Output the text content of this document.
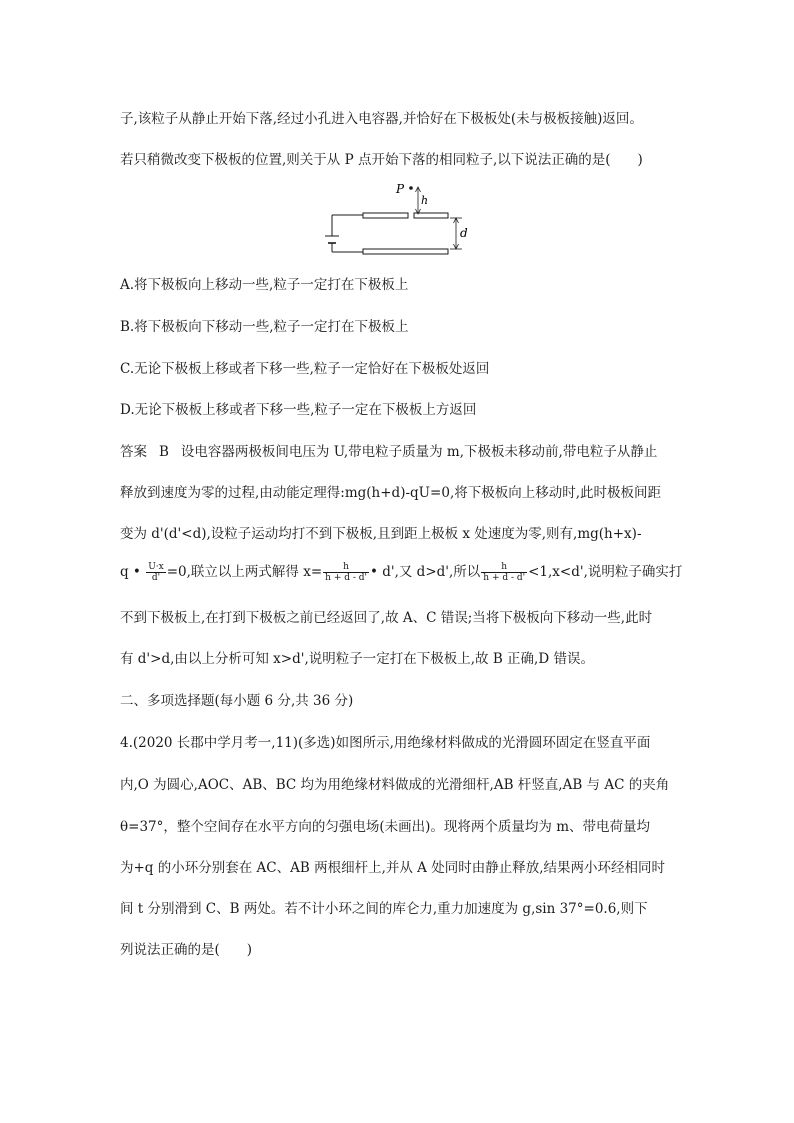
子,该粒子从静止开始下落,经过小孔进入电容器,并恰好在下极板处(未与极板接触)返回。
若只稍微改变下极板的位置,则关于从 P 点开始下落的相同粒子,以下说法正确的是(　　)
P
h
d
A.将下极板向上移动一些,粒子一定打在下极板上
B.将下极板向下移动一些,粒子一定打在下极板上
C.无论下极板上移或者下移一些,粒子一定恰好在下极板处返回
D.无论下极板上移或者下移一些,粒子一定在下极板上方返回
答案 B 设电容器两极板间电压为 U,带电粒子质量为 m,下极板未移动前,带电粒子从静止
释放到速度为零的过程,由动能定理得:mg(h+d)-qU=0,将下极板向上移动时,此时极板间距
变为 d'(d'<d),设粒子运动均打不到下极板,且到距上极板 x 处速度为零,则有,mg(h+x)-
q • $\frac{U\cdot x}{d'} =0$,联立以上两式解得 $x= \frac{h}{h + d - d'}$ • d',又 d>d',所以 $\frac{h}{h + d - d'} <1,x<d'$,说明粒子确实打
不到下极板上,在打到下极板之前已经返回了,故 A、C 错误;当将下极板向下移动一些,此时
有 d'>d,由以上分析可知 x>d',说明粒子一定打在下极板上,故 B 正确,D 错误。
二、多项选择题(每小题 6 分,共 36 分)
4.(2020 长郡中学月考一,11)(多选)如图所示,用绝缘材料做成的光滑圆环固定在竖直平面
内,O 为圆心,AOC、AB、BC 均为用绝缘材料做成的光滑细杆,AB 杆竖直,AB 与 AC 的夹角
θ=37°，整个空间存在水平方向的匀强电场(未画出)。现将两个质量均为 m、带电荷量均
为+q 的小环分别套在 AC、AB 两根细杆上,并从 A 处同时由静止释放,结果两小环经相同时
间 t 分别滑到 C、B 两处。若不计小环之间的库仑力,重力加速度为 g,sin 37°=0.6,则下
列说法正确的是(　　)
